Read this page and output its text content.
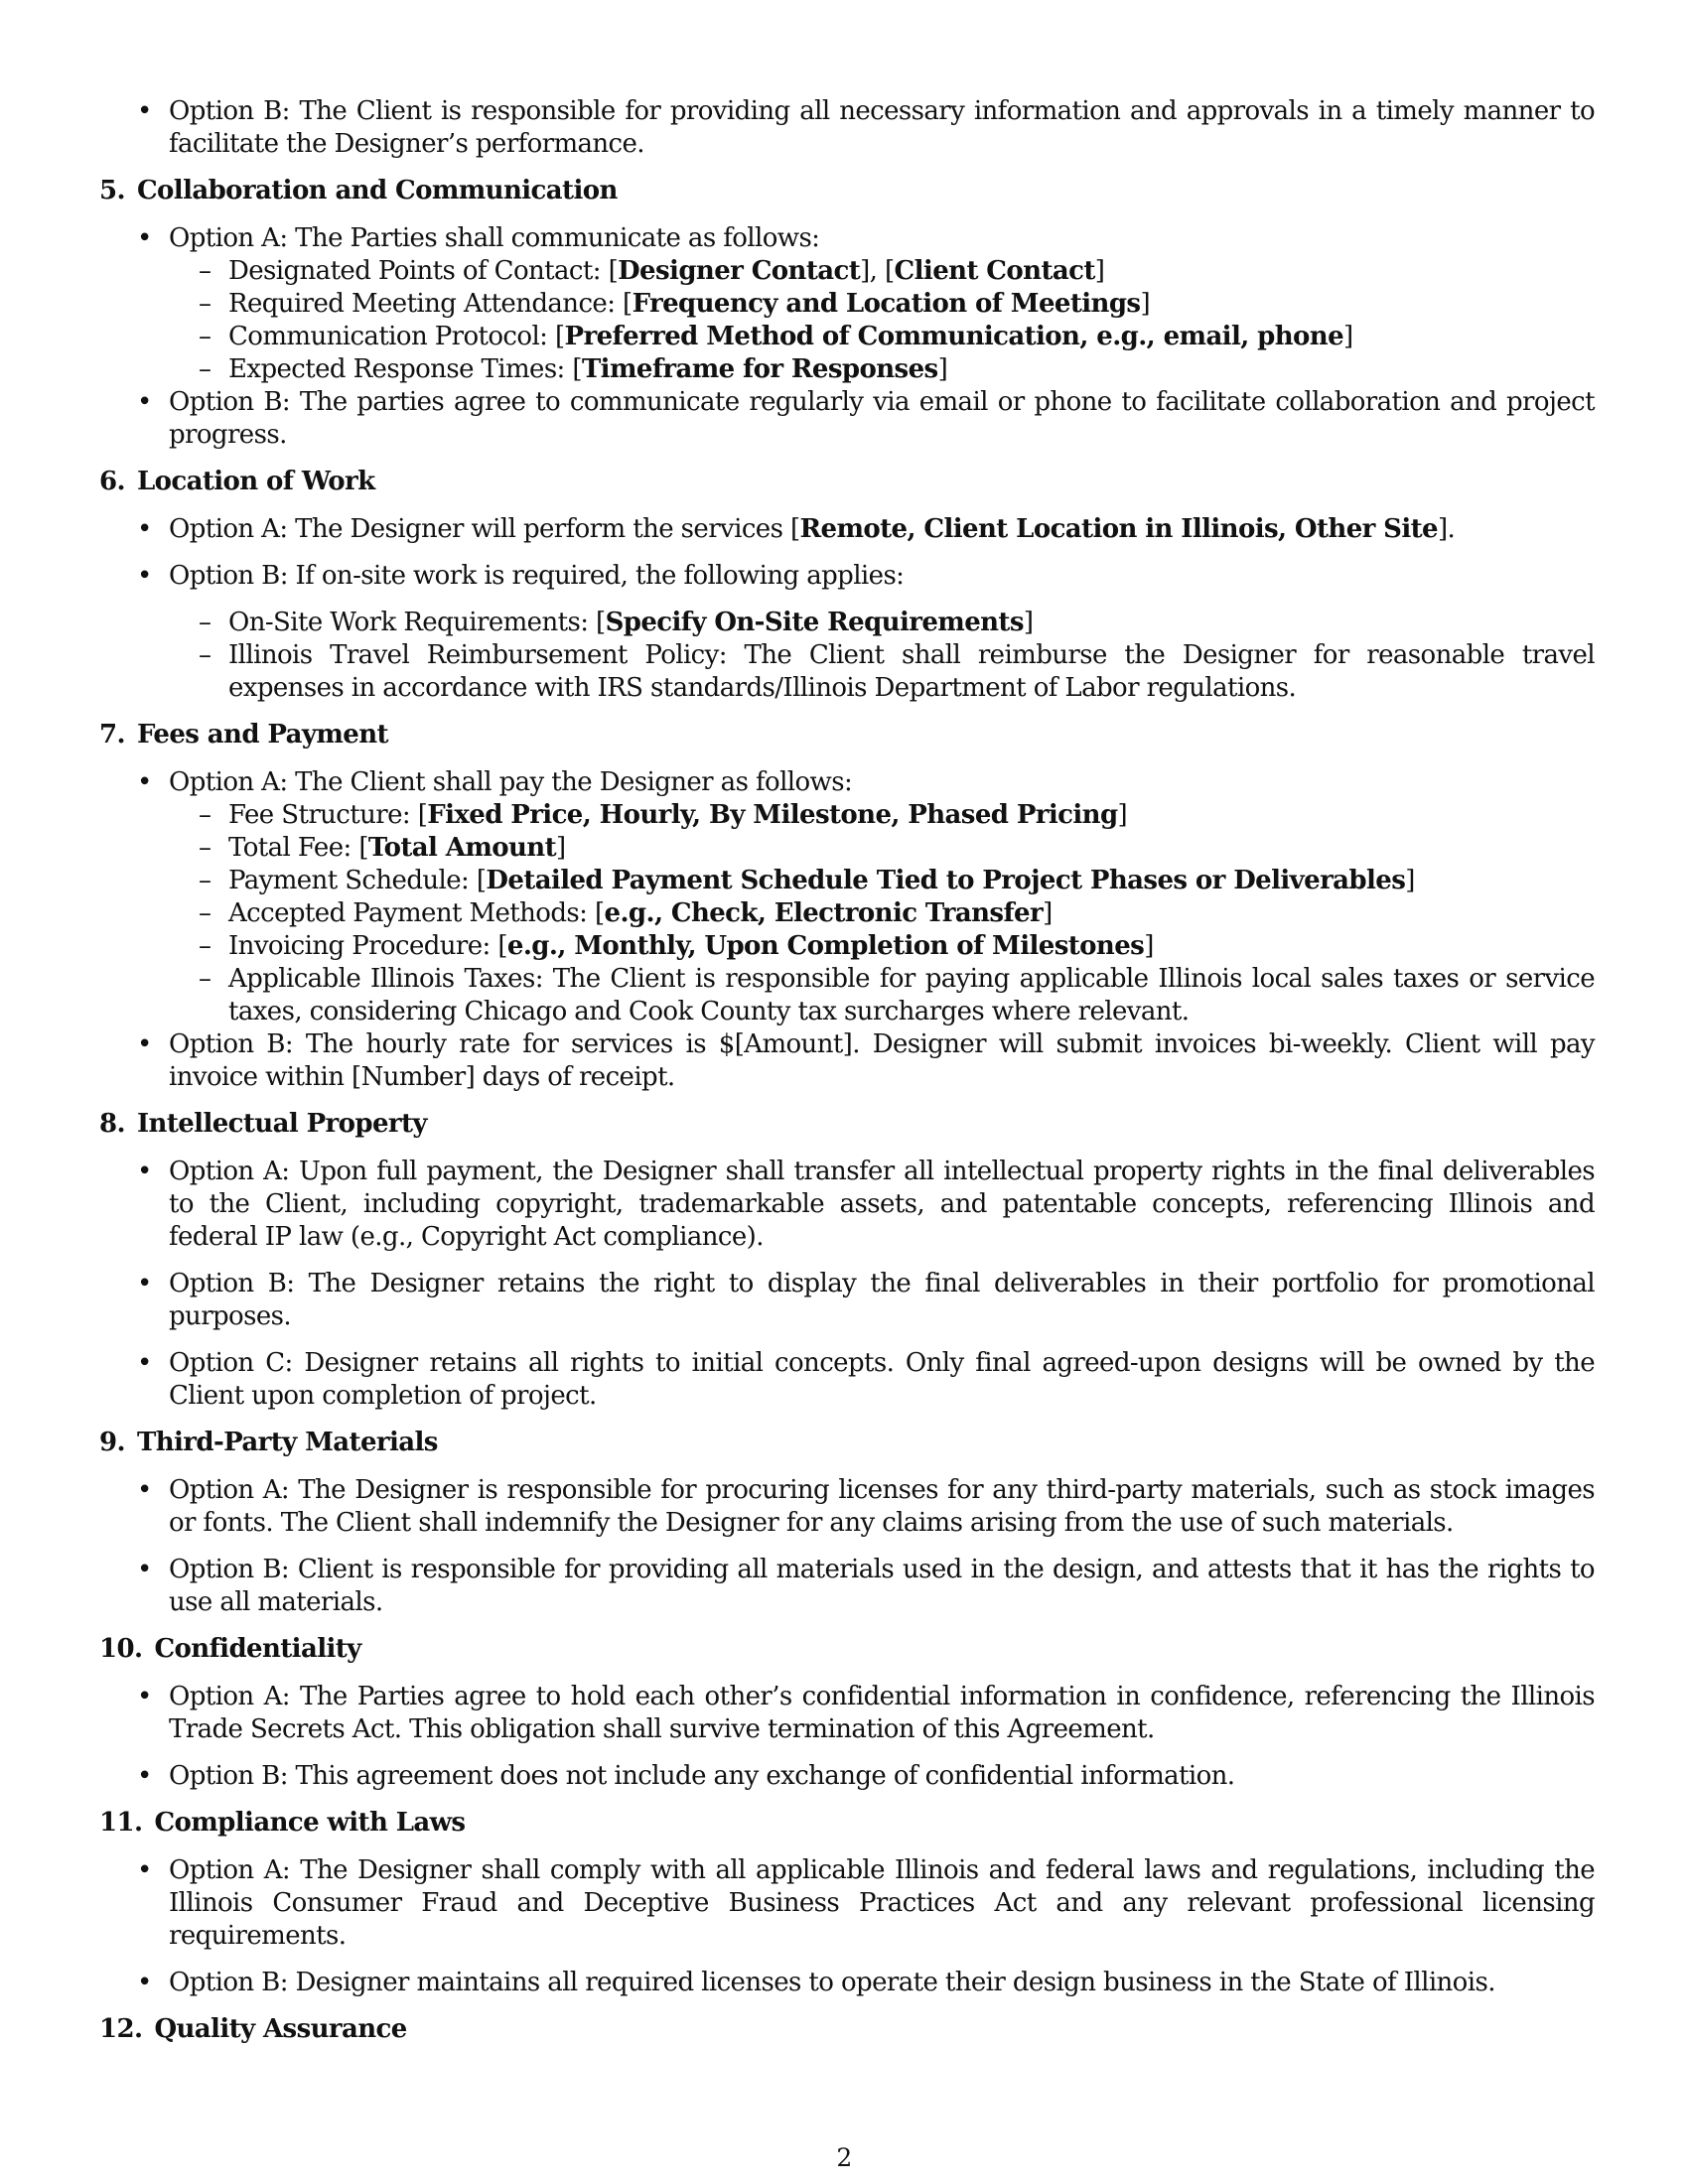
• Option B: The Client is responsible for providing all necessary information and approvals in a timely manner to facilitate the Designer’s performance.
5. Collaboration and Communication
• Option A: The Parties shall communicate as follows:
– Designated Points of Contact: [Designer Contact], [Client Contact]
– Required Meeting Attendance: [Frequency and Location of Meetings]
– Communication Protocol: [Preferred Method of Communication, e.g., email, phone]
– Expected Response Times: [Timeframe for Responses]
• Option B: The parties agree to communicate regularly via email or phone to facilitate collaboration and project progress.
6. Location of Work
• Option A: The Designer will perform the services [Remote, Client Location in Illinois, Other Site].
• Option B: If on-site work is required, the following applies:
– On-Site Work Requirements: [Specify On-Site Requirements]
– Illinois Travel Reimbursement Policy: The Client shall reimburse the Designer for reasonable travel expenses in accordance with IRS standards/Illinois Department of Labor regulations.
7. Fees and Payment
• Option A: The Client shall pay the Designer as follows:
– Fee Structure: [Fixed Price, Hourly, By Milestone, Phased Pricing]
– Total Fee: [Total Amount]
– Payment Schedule: [Detailed Payment Schedule Tied to Project Phases or Deliverables]
– Accepted Payment Methods: [e.g., Check, Electronic Transfer]
– Invoicing Procedure: [e.g., Monthly, Upon Completion of Milestones]
– Applicable Illinois Taxes: The Client is responsible for paying applicable Illinois local sales taxes or service taxes, considering Chicago and Cook County tax surcharges where relevant.
• Option B: The hourly rate for services is $[Amount]. Designer will submit invoices bi-weekly. Client will pay invoice within [Number] days of receipt.
8. Intellectual Property
• Option A: Upon full payment, the Designer shall transfer all intellectual property rights in the final deliverables to the Client, including copyright, trademarkable assets, and patentable concepts, referencing Illinois and federal IP law (e.g., Copyright Act compliance).
• Option B: The Designer retains the right to display the final deliverables in their portfolio for promotional purposes.
• Option C: Designer retains all rights to initial concepts. Only final agreed-upon designs will be owned by the Client upon completion of project.
9. Third-Party Materials
• Option A: The Designer is responsible for procuring licenses for any third-party materials, such as stock images or fonts. The Client shall indemnify the Designer for any claims arising from the use of such materials.
• Option B: Client is responsible for providing all materials used in the design, and attests that it has the rights to use all materials.
10. Confidentiality
• Option A: The Parties agree to hold each other’s confidential information in confidence, referencing the Illinois Trade Secrets Act. This obligation shall survive termination of this Agreement.
• Option B: This agreement does not include any exchange of confidential information.
11. Compliance with Laws
• Option A: The Designer shall comply with all applicable Illinois and federal laws and regulations, including the Illinois Consumer Fraud and Deceptive Business Practices Act and any relevant professional licensing requirements.
• Option B: Designer maintains all required licenses to operate their design business in the State of Illinois.
12. Quality Assurance
2
